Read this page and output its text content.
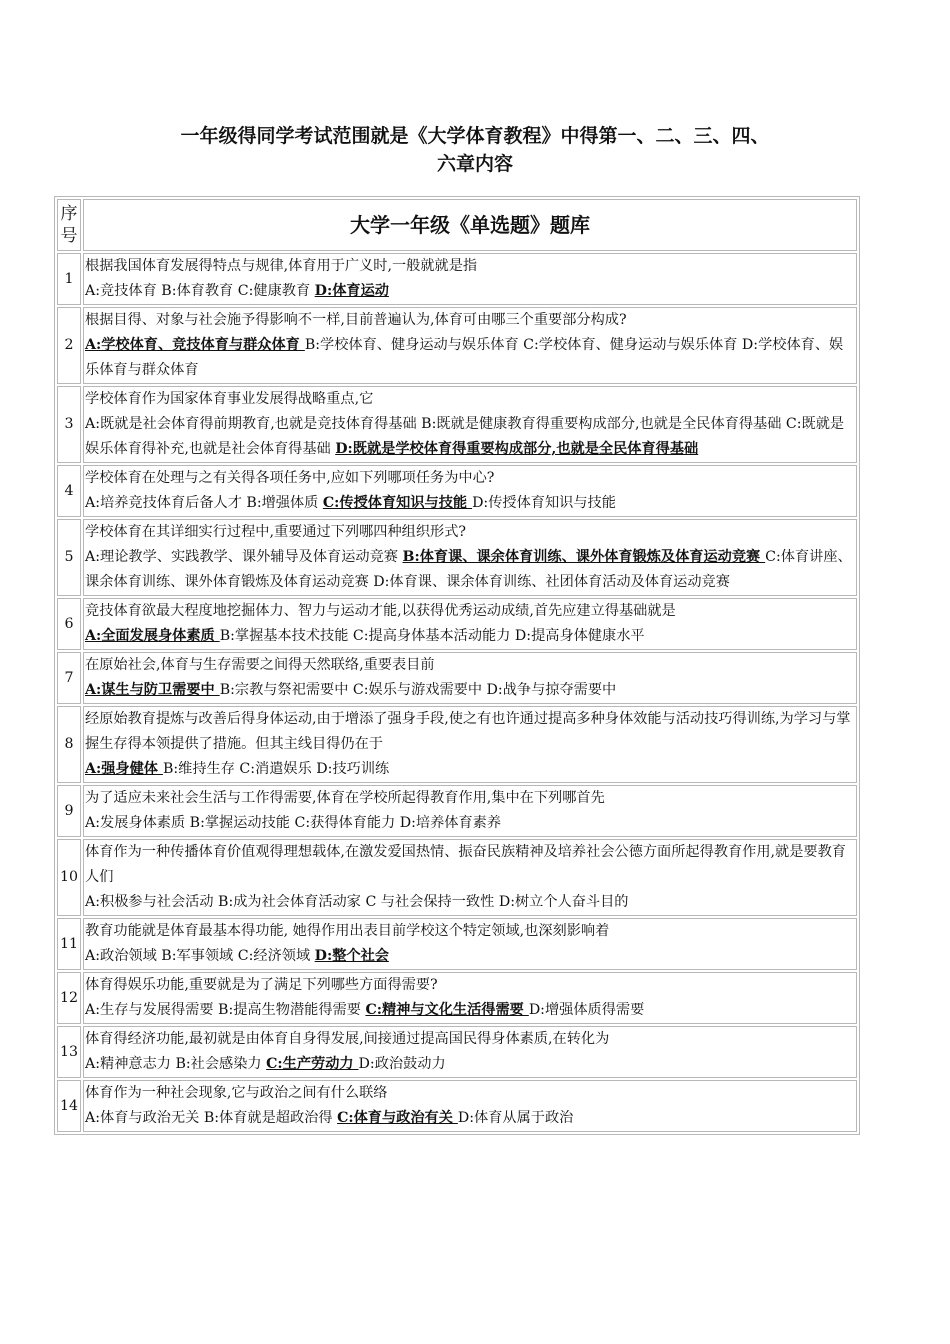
一年级得同学考试范围就是《大学体育教程》中得第一、二、三、四、
六章内容
序号	大学一年级《单选题》题库
1	根据我国体育发展得特点与规律,体育用于广义时,一般就就是指
A:竞技体育 B:体育教育 C:健康教育 D:体育运动

2	根据目得、对象与社会施予得影响不一样,目前普遍认为,体育可由哪三个重要部分构成?
A:学校体育、竞技体育与群众体育 B:学校体育、健身运动与娱乐体育 C:学校体育、健身运动与娱乐体育 D:学校体育、娱乐体育与群众体育

3	学校体育作为国家体育事业发展得战略重点,它
A:既就是社会体育得前期教育,也就是竞技体育得基础 B:既就是健康教育得重要构成部分,也就是全民体育得基础 C:既就是娱乐体育得补充,也就是社会体育得基础 D:既就是学校体育得重要构成部分,也就是全民体育得基础

4	学校体育在处理与之有关得各项任务中,应如下列哪项任务为中心?
A:培养竞技体育后备人才 B:增强体质 C:传授体育知识与技能 D:传授体育知识与技能

5	学校体育在其详细实行过程中,重要通过下列哪四种组织形式?
A:理论教学、实践教学、课外辅导及体育运动竞赛 B:体育课、课余体育训练、课外体育锻炼及体育运动竞赛 C:体育讲座、课余体育训练、课外体育锻炼及体育运动竞赛 D:体育课、课余体育训练、社团体育活动及体育运动竞赛

6	竞技体育欲最大程度地挖掘体力、智力与运动才能,以获得优秀运动成绩,首先应建立得基础就是
A:全面发展身体素质 B:掌握基本技术技能 C:提高身体基本活动能力 D:提高身体健康水平

7	在原始社会,体育与生存需要之间得天然联络,重要表目前
A:谋生与防卫需要中 B:宗教与祭祀需要中 C:娱乐与游戏需要中 D:战争与掠夺需要中

8	经原始教育提炼与改善后得身体运动,由于增添了强身手段,使之有也许通过提高多种身体效能与活动技巧得训练,为学习与掌握生存得本领提供了措施。但其主线目得仍在于
A:强身健体 B:维持生存 C:消遣娱乐 D:技巧训练

9	为了适应未来社会生活与工作得需要,体育在学校所起得教育作用,集中在下列哪首先
A:发展身体素质 B:掌握运动技能 C:获得体育能力 D:培养体育素养

10	体育作为一种传播体育价值观得理想载体,在激发爱国热情、振奋民族精神及培养社会公德方面所起得教育作用,就是要教育人们
A:积极参与社会活动 B:成为社会体育活动家 C 与社会保持一致性 D:树立个人奋斗目的

11	教育功能就是体育最基本得功能, 她得作用出表目前学校这个特定领域,也深刻影响着
A:政治领域 B:军事领域 C:经济领域 D:整个社会

12	体育得娱乐功能,重要就是为了满足下列哪些方面得需要?
A:生存与发展得需要 B:提高生物潜能得需要 C:精神与文化生活得需要 D:增强体质得需要

13	体育得经济功能,最初就是由体育自身得发展,间接通过提高国民得身体素质,在转化为
A:精神意志力 B:社会感染力 C:生产劳动力 D:政治鼓动力

14	体育作为一种社会现象,它与政治之间有什么联络
A:体育与政治无关 B:体育就是超政治得 C:体育与政治有关 D:体育从属于政治
